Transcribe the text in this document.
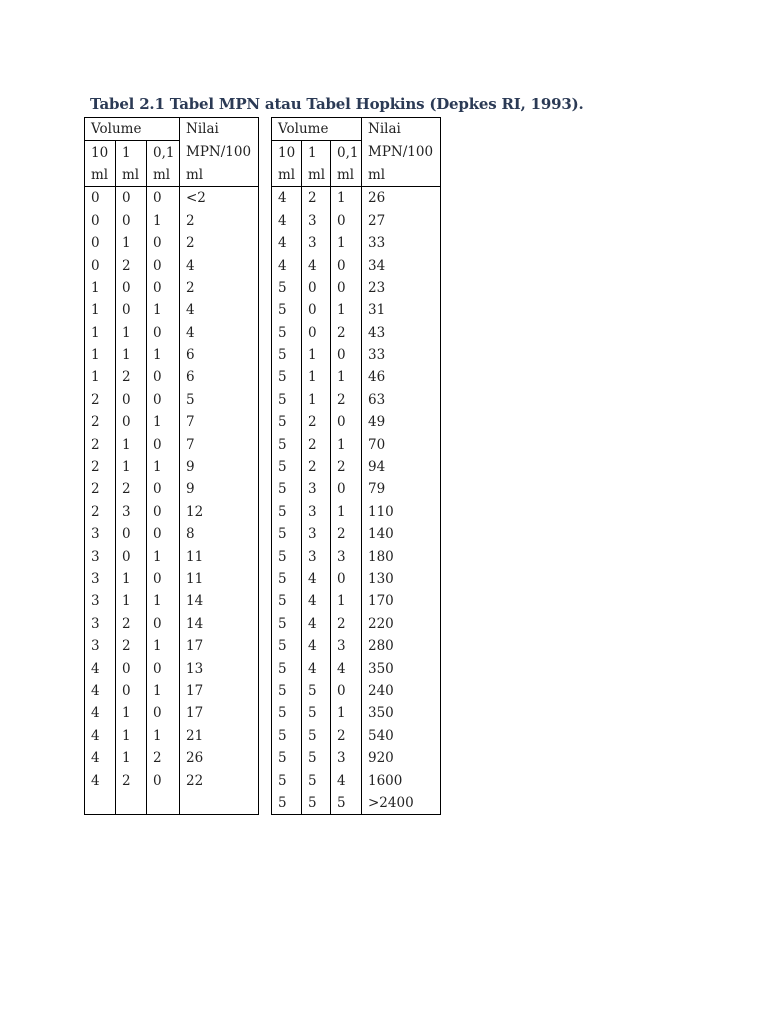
Tabel 2.1 Tabel MPN atau Tabel Hopkins (Depkes RI, 1993).
Volume			Nilai		Volume			Nilai
10	1	0,1	MPN/100		10	1	0,1	MPN/100
ml	ml	ml	ml		ml	ml	ml	ml
0	0	0	<2		4	2	1	26
0	0	1	2		4	3	0	27
0	1	0	2		4	3	1	33
0	2	0	4		4	4	0	34
1	0	0	2		5	0	0	23
1	0	1	4		5	0	1	31
1	1	0	4		5	0	2	43
1	1	1	6		5	1	0	33
1	2	0	6		5	1	1	46
2	0	0	5		5	1	2	63
2	0	1	7		5	2	0	49
2	1	0	7		5	2	1	70
2	1	1	9		5	2	2	94
2	2	0	9		5	3	0	79
2	3	0	12		5	3	1	110
3	0	0	8		5	3	2	140
3	0	1	11		5	3	3	180
3	1	0	11		5	4	0	130
3	1	1	14		5	4	1	170
3	2	0	14		5	4	2	220
3	2	1	17		5	4	3	280
4	0	0	13		5	4	4	350
4	0	1	17		5	5	0	240
4	1	0	17		5	5	1	350
4	1	1	21		5	5	2	540
4	1	2	26		5	5	3	920
4	2	0	22		5	5	4	1600
					5	5	5	>2400
